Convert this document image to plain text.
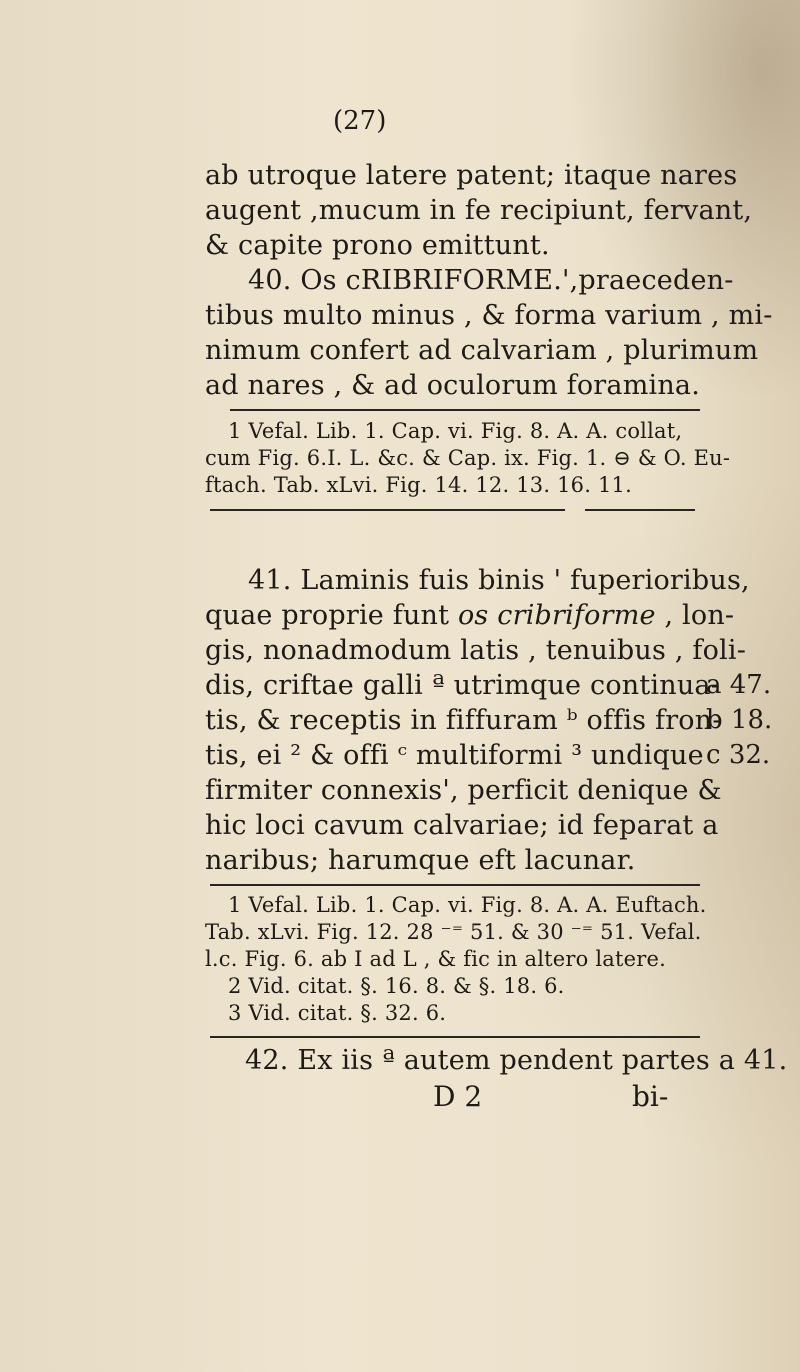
(27)
ab utroque latere patent; itaque nares
augent ,mucum in fe recipiunt, fervant,
& capite prono emittunt.
40. Os cRIBRIFORME.',praeceden-
tibus multo minus , & forma varium , mi-
nimum confert ad calvariam , plurimum
ad nares , & ad oculorum foramina.
1 Vefal. Lib. 1. Cap. vi. Fig. 8. A. A. collat,
cum Fig. 6.I. L. &c. & Cap. ix. Fig. 1. ⊖ & O. Eu-
ftach. Tab. xLvi. Fig. 14. 12. 13. 16. 11.
41. Laminis fuis binis ' fuperioribus,
quae proprie funt os cribriforme , lon-
gis, nonadmodum latis , tenuibus , foli-
dis, criftae galli ª utrimque continua-
tis, & receptis in fiffuram ᵇ offis fron-
tis, ei ² & offi ᶜ multiformi ³ undique
firmiter connexis', perficit denique &
hic loci cavum calvariae; id feparat a
naribus; harumque eft lacunar.
a 47.
b 18.
c 32.
1 Vefal. Lib. 1. Cap. vi. Fig. 8. A. A. Euftach.
Tab. xLvi. Fig. 12. 28 ⁻⁼ 51. & 30 ⁻⁼ 51. Vefal.
l.c. Fig. 6. ab I ad L , & fic in altero latere.
2 Vid. citat. §. 16. 8. & §. 18. 6.
3 Vid. citat. §. 32. 6.
42. Ex iis ª autem pendent partes a 41.
D 2	bi-
